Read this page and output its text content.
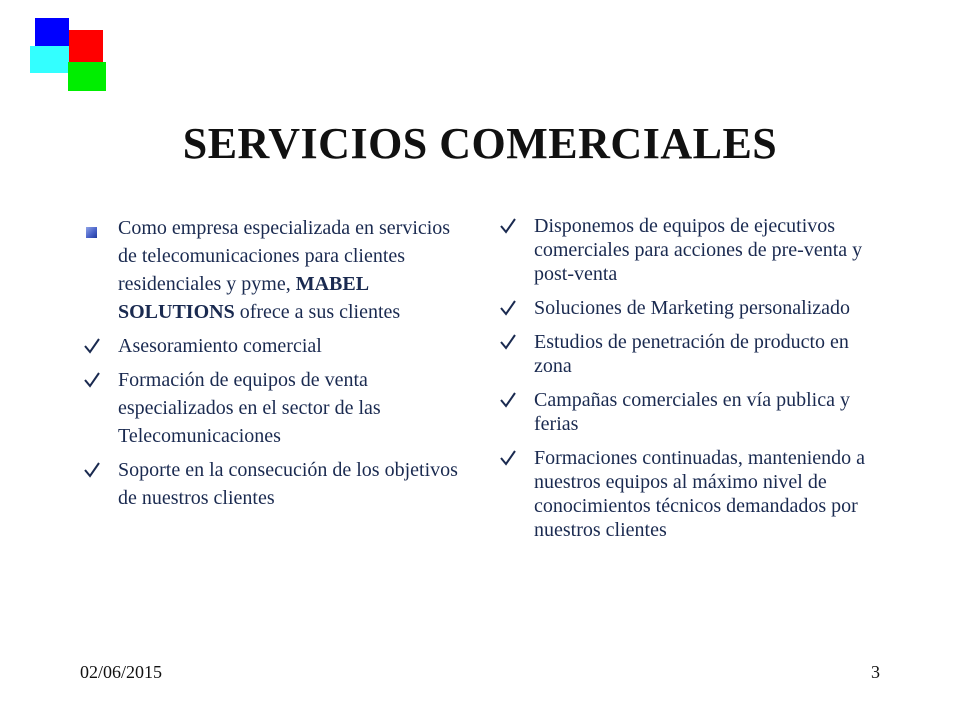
SERVICIOS COMERCIALES
Como empresa especializada en servicios de telecomunicaciones para clientes residenciales y pyme, MABEL SOLUTIONS ofrece a sus clientes
Asesoramiento comercial
Formación de equipos de venta especializados en el sector de las Telecomunicaciones
Soporte en la consecución de los objetivos de nuestros clientes
Disponemos de equipos de ejecutivos comerciales para acciones de pre-venta y post-venta
Soluciones de Marketing personalizado
Estudios de penetración de producto en zona
Campañas comerciales en vía publica y ferias
Formaciones continuadas, manteniendo a nuestros equipos al máximo nivel de conocimientos técnicos demandados por nuestros clientes
02/06/2015	3
